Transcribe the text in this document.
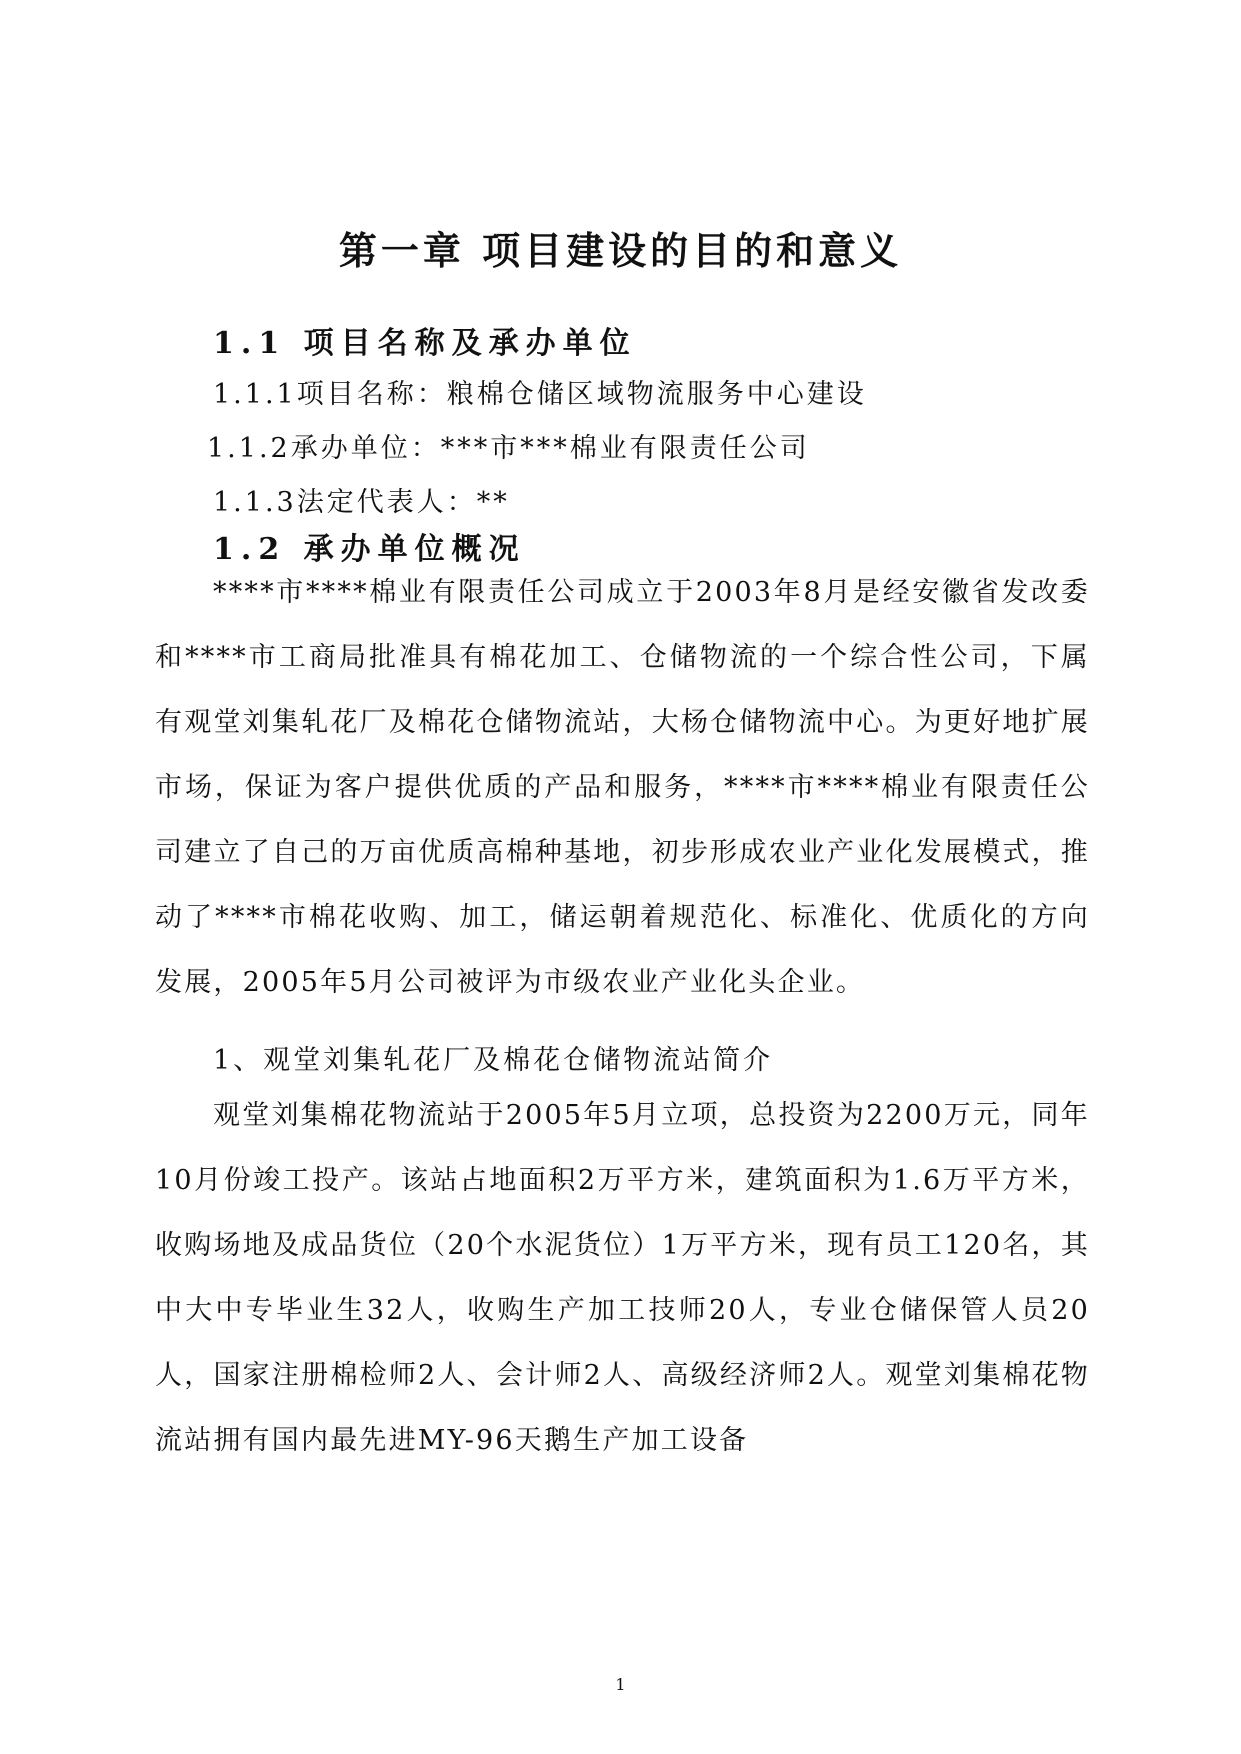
第一章 项目建设的目的和意义
1.1 项目名称及承办单位
1.1.1项目名称：粮棉仓储区域物流服务中心建设
1.1.2承办单位：***市***棉业有限责任公司
1.1.3法定代表人：**
1.2 承办单位概况

****市****棉业有限责任公司成立于2003年8月是经安徽省发改委和****市工商局批准具有棉花加工、仓储物流的一个综合性公司，下属有观堂刘集轧花厂及棉花仓储物流站，大杨仓储物流中心。为更好地扩展市场，保证为客户提供优质的产品和服务，****市****棉业有限责任公司建立了自己的万亩优质高棉种基地，初步形成农业产业化发展模式，推动了****市棉花收购、加工，储运朝着规范化、标准化、优质化的方向发展，2005年5月公司被评为市级农业产业化头企业。

1、观堂刘集轧花厂及棉花仓储物流站简介

观堂刘集棉花物流站于2005年5月立项，总投资为2200万元，同年10月份竣工投产。该站占地面积2万平方米，建筑面积为1.6万平方米，收购场地及成品货位（20个水泥货位）1万平方米，现有员工120名，其中大中专毕业生32人，收购生产加工技师20人，专业仓储保管人员20人，国家注册棉检师2人、会计师2人、高级经济师2人。观堂刘集棉花物流站拥有国内最先进MY-96天鹅生产加工设备

1
